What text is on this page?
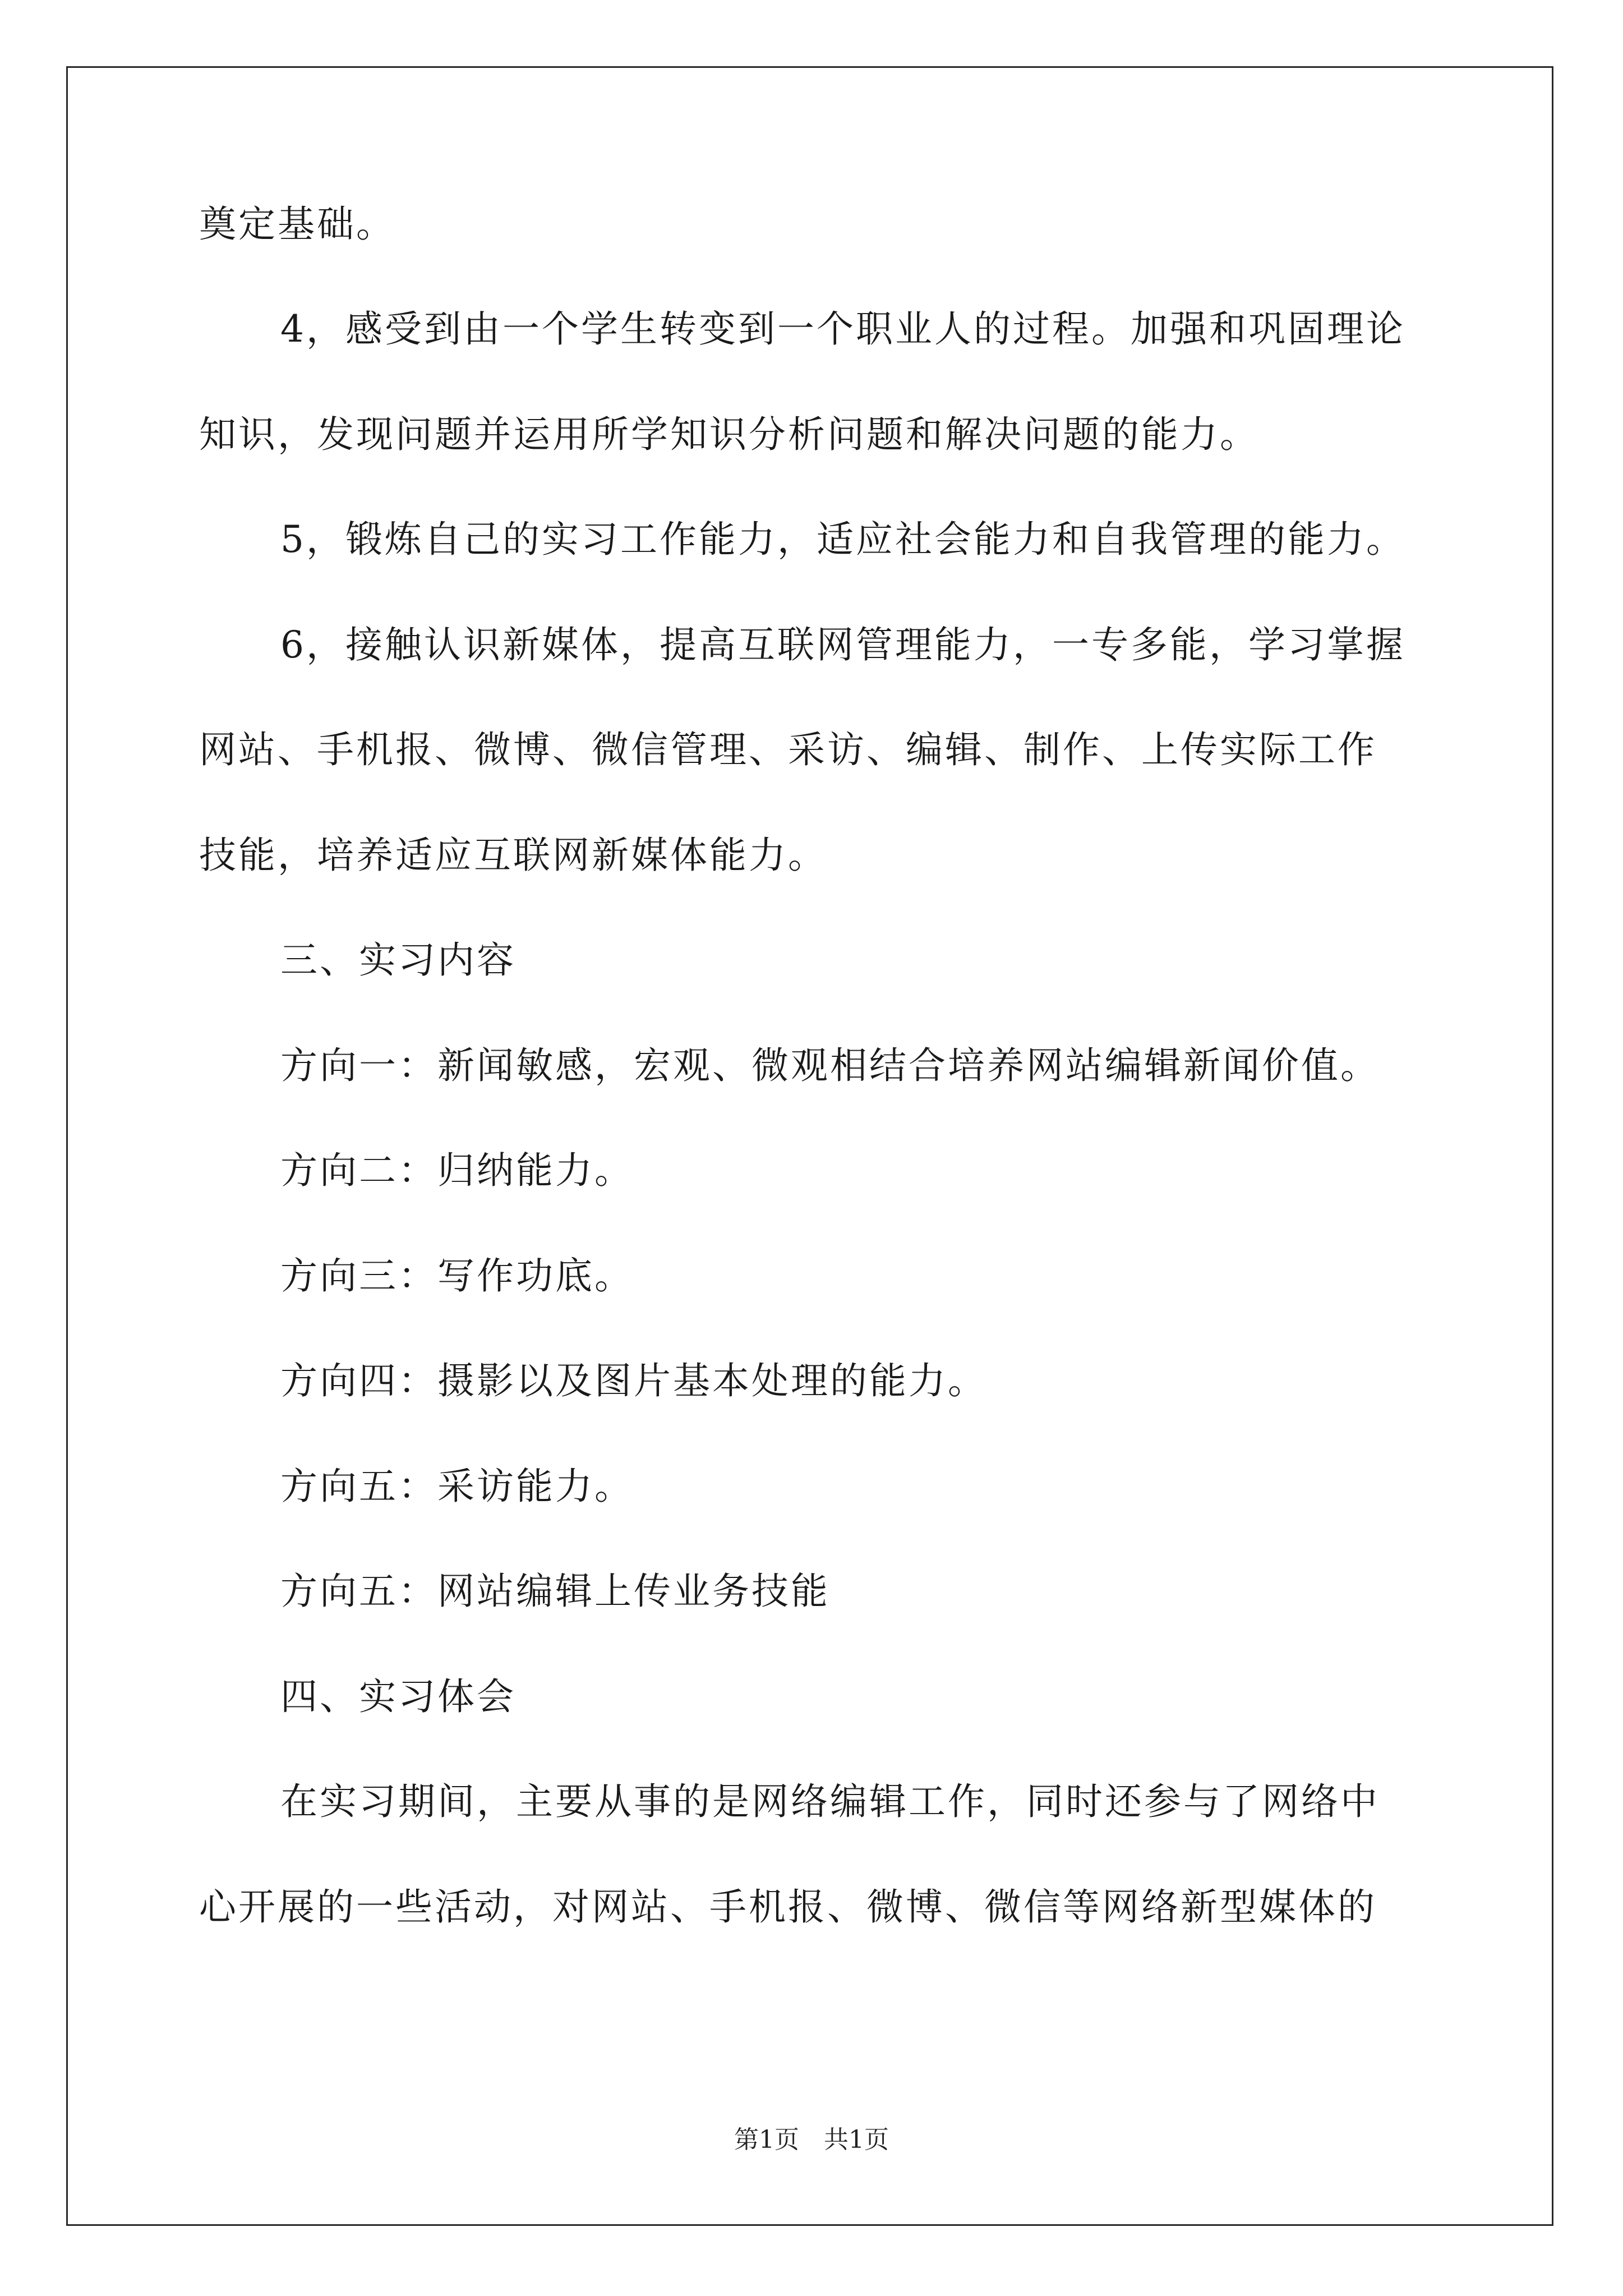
奠定基础。
4，感受到由一个学生转变到一个职业人的过程。加强和巩固理论
知识，发现问题并运用所学知识分析问题和解决问题的能力。
5，锻炼自己的实习工作能力，适应社会能力和自我管理的能力。
6，接触认识新媒体，提高互联网管理能力，一专多能，学习掌握
网站、手机报、微博、微信管理、采访、编辑、制作、上传实际工作
技能，培养适应互联网新媒体能力。
三、实习内容
方向一：新闻敏感，宏观、微观相结合培养网站编辑新闻价值。
方向二：归纳能力。
方向三：写作功底。
方向四：摄影以及图片基本处理的能力。
方向五：采访能力。
方向五：网站编辑上传业务技能
四、实习体会
在实习期间，主要从事的是网络编辑工作，同时还参与了网络中
心开展的一些活动，对网站、手机报、微博、微信等网络新型媒体的
第1页　共1页
